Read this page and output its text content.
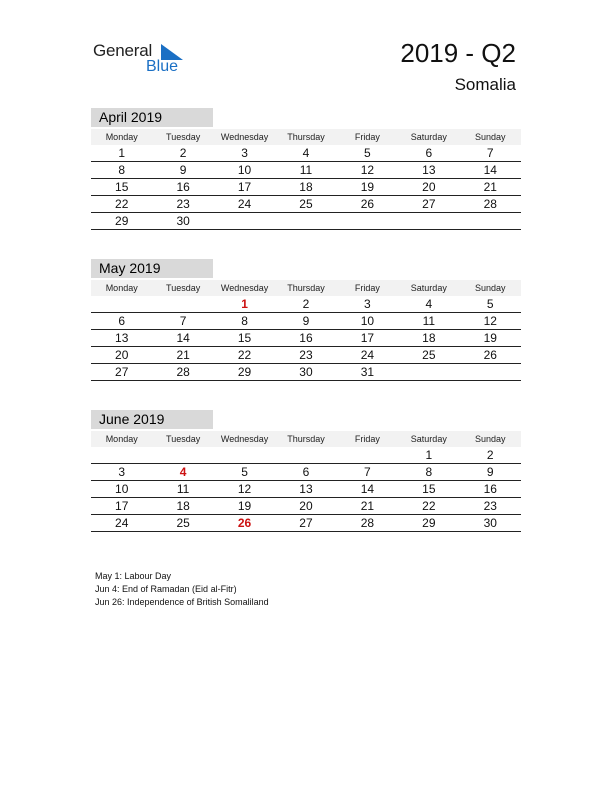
General
Blue	2019 - Q2
Somalia
April 2019
Monday	Tuesday	Wednesday	Thursday	Friday	Saturday	Sunday
1	2	3	4	5	6	7
8	9	10	11	12	13	14
15	16	17	18	19	20	21
22	23	24	25	26	27	28
29	30					
May 2019
Monday	Tuesday	Wednesday	Thursday	Friday	Saturday	Sunday
		1	2	3	4	5
6	7	8	9	10	11	12
13	14	15	16	17	18	19
20	21	22	23	24	25	26
27	28	29	30	31		
June 2019
Monday	Tuesday	Wednesday	Thursday	Friday	Saturday	Sunday
					1	2
3	4	5	6	7	8	9
10	11	12	13	14	15	16
17	18	19	20	21	22	23
24	25	26	27	28	29	30
May 1: Labour Day
Jun 4: End of Ramadan (Eid al-Fitr)
Jun 26: Independence of British Somaliland
